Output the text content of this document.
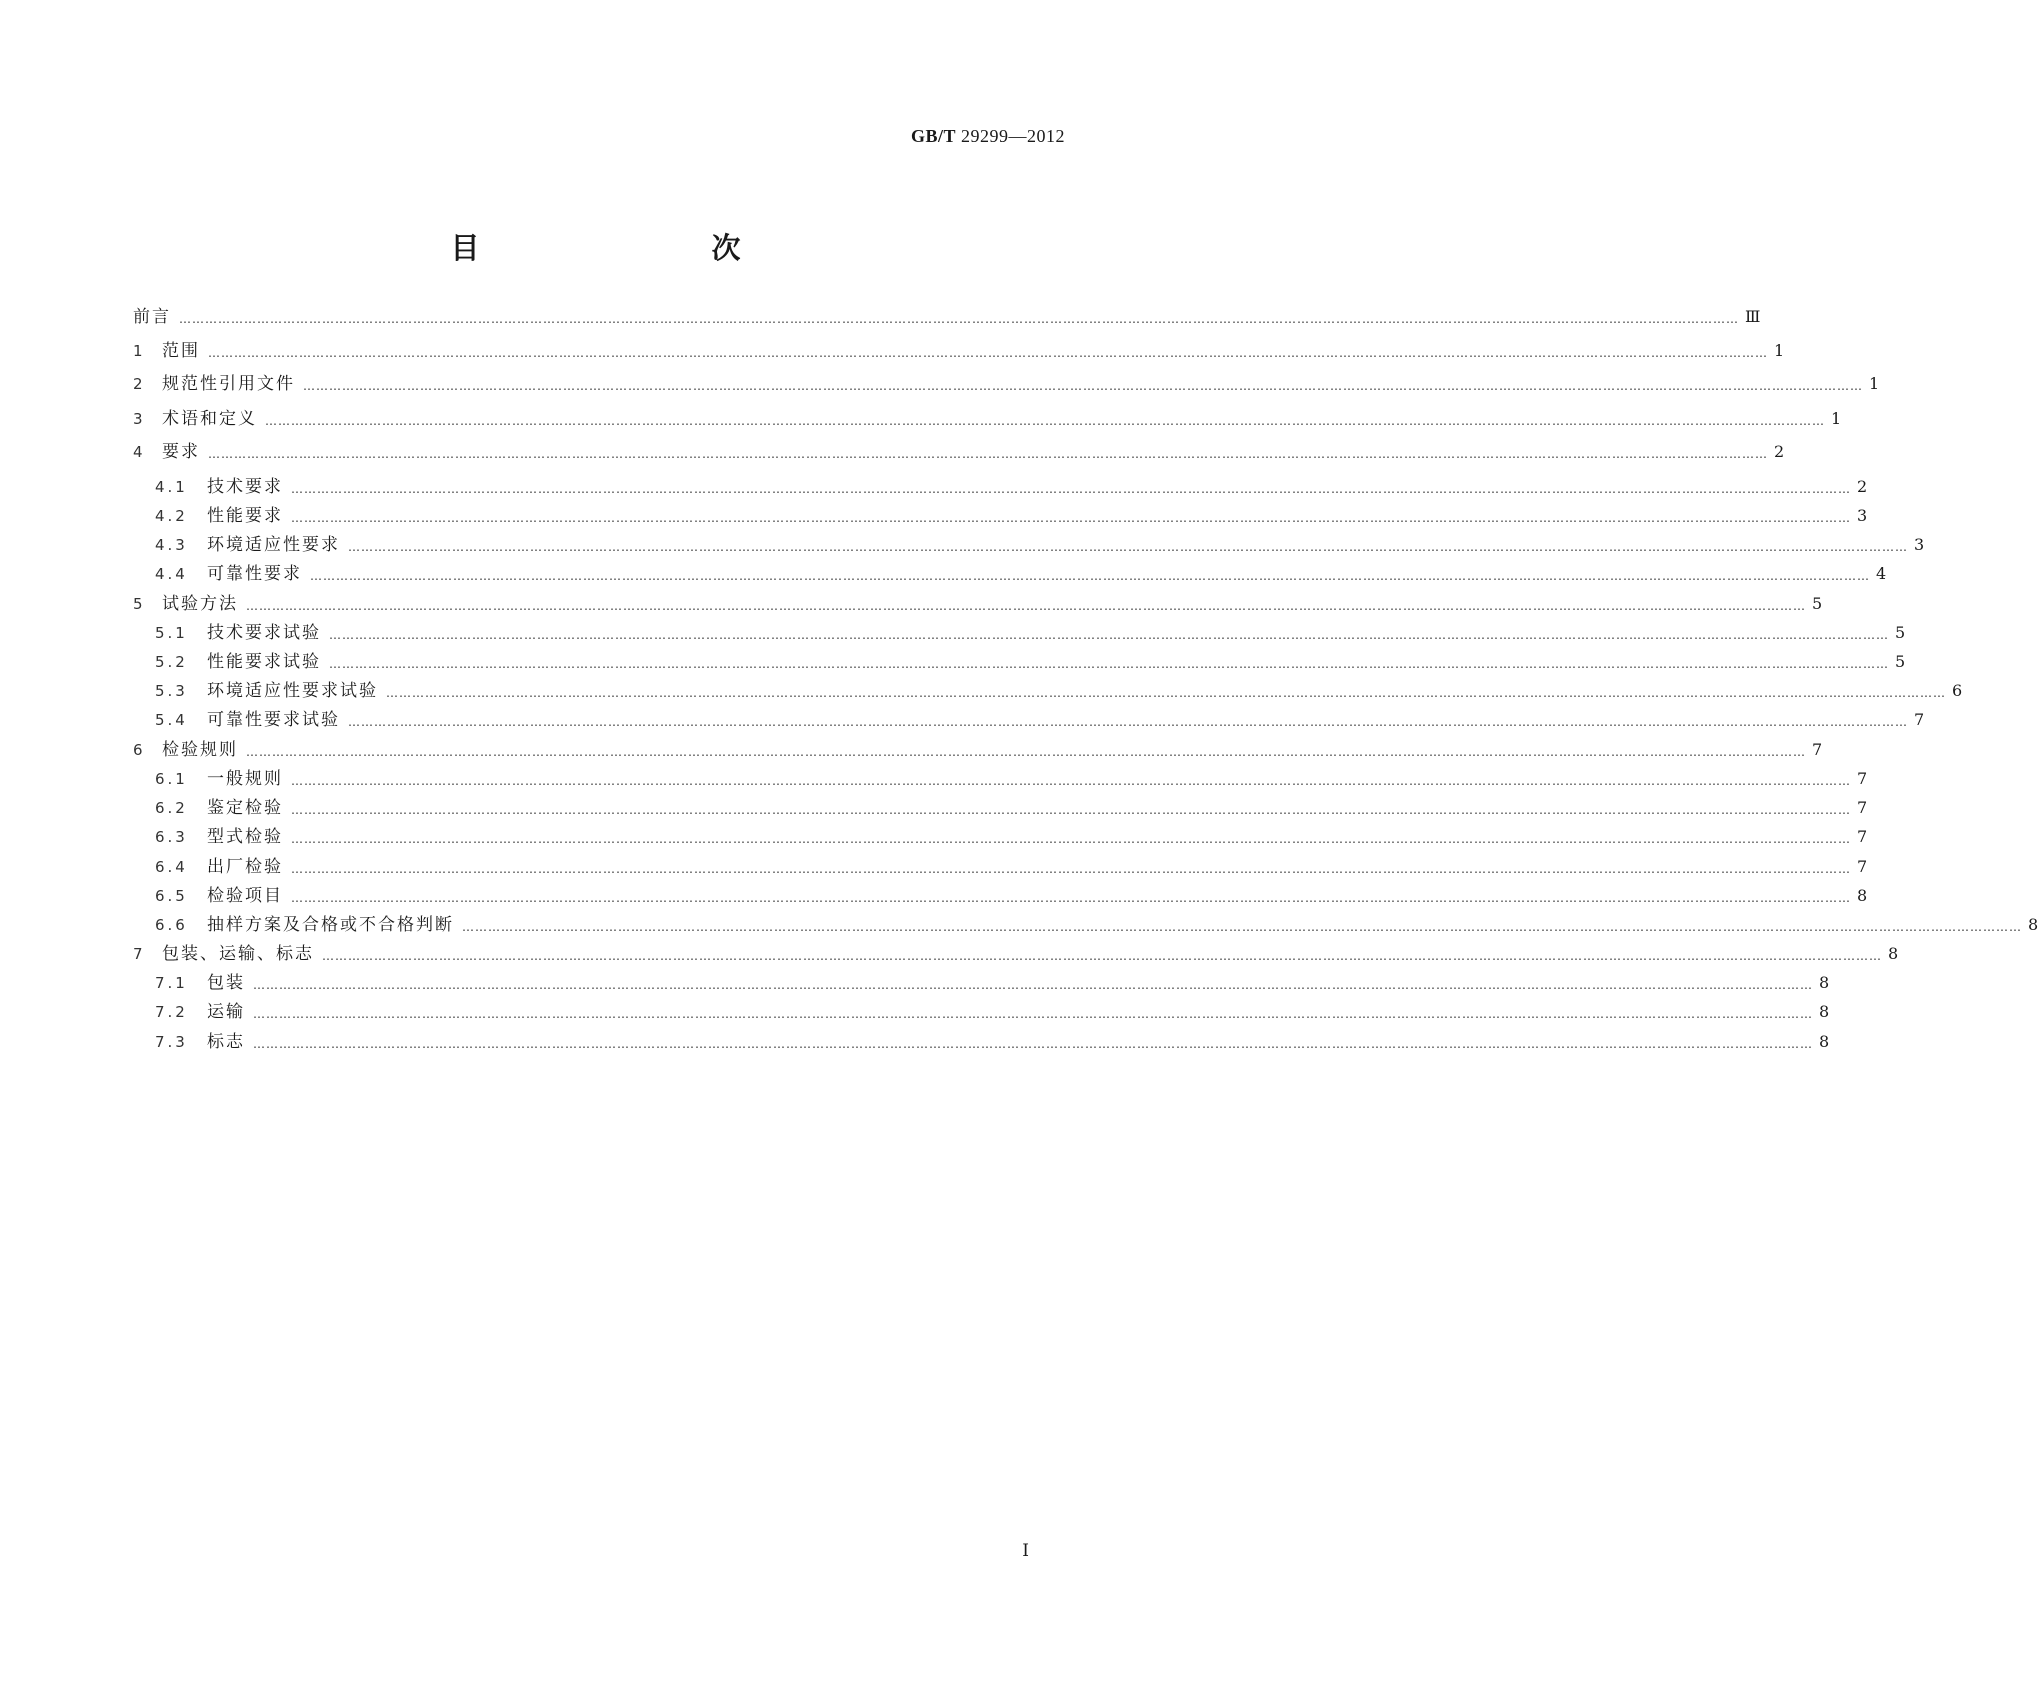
GB/T 29299—2012
目　　次
前言 ……………………………………………………………………………………………………………………………………………………………………………………………………………………………………………………………………………………………………………………………… Ⅲ
1	范围 ……………………………………………………………………………………………………………………………………………………………………………………………………………………………………………………………………………………………………………………………… 1
2	规范性引用文件 ……………………………………………………………………………………………………………………………………………………………………………………………………………………………………………………………………………………………………………………………… 1
3	术语和定义 ……………………………………………………………………………………………………………………………………………………………………………………………………………………………………………………………………………………………………………………………… 1
4	要求 ……………………………………………………………………………………………………………………………………………………………………………………………………………………………………………………………………………………………………………………………… 2
4.1	技术要求 ……………………………………………………………………………………………………………………………………………………………………………………………………………………………………………………………………………………………………………………………… 2
4.2	性能要求 ……………………………………………………………………………………………………………………………………………………………………………………………………………………………………………………………………………………………………………………………… 3
4.3	环境适应性要求 ……………………………………………………………………………………………………………………………………………………………………………………………………………………………………………………………………………………………………………………………… 3
4.4	可靠性要求 ……………………………………………………………………………………………………………………………………………………………………………………………………………………………………………………………………………………………………………………………… 4
5	试验方法 ……………………………………………………………………………………………………………………………………………………………………………………………………………………………………………………………………………………………………………………………… 5
5.1	技术要求试验 ……………………………………………………………………………………………………………………………………………………………………………………………………………………………………………………………………………………………………………………………… 5
5.2	性能要求试验 ……………………………………………………………………………………………………………………………………………………………………………………………………………………………………………………………………………………………………………………………… 5
5.3	环境适应性要求试验 ……………………………………………………………………………………………………………………………………………………………………………………………………………………………………………………………………………………………………………………………… 6
5.4	可靠性要求试验 ……………………………………………………………………………………………………………………………………………………………………………………………………………………………………………………………………………………………………………………………… 7
6	检验规则 ……………………………………………………………………………………………………………………………………………………………………………………………………………………………………………………………………………………………………………………………… 7
6.1	一般规则 ……………………………………………………………………………………………………………………………………………………………………………………………………………………………………………………………………………………………………………………………… 7
6.2	鉴定检验 ……………………………………………………………………………………………………………………………………………………………………………………………………………………………………………………………………………………………………………………………… 7
6.3	型式检验 ……………………………………………………………………………………………………………………………………………………………………………………………………………………………………………………………………………………………………………………………… 7
6.4	出厂检验 ……………………………………………………………………………………………………………………………………………………………………………………………………………………………………………………………………………………………………………………………… 7
6.5	检验项目 ……………………………………………………………………………………………………………………………………………………………………………………………………………………………………………………………………………………………………………………………… 8
6.6	抽样方案及合格或不合格判断 ……………………………………………………………………………………………………………………………………………………………………………………………………………………………………………………………………………………………………………………………… 8
7	包装、运输、标志 ……………………………………………………………………………………………………………………………………………………………………………………………………………………………………………………………………………………………………………………………… 8
7.1	包装 ……………………………………………………………………………………………………………………………………………………………………………………………………………………………………………………………………………………………………………………………… 8
7.2	运输 ……………………………………………………………………………………………………………………………………………………………………………………………………………………………………………………………………………………………………………………………… 8
7.3	标志 ……………………………………………………………………………………………………………………………………………………………………………………………………………………………………………………………………………………………………………………………… 8
I
